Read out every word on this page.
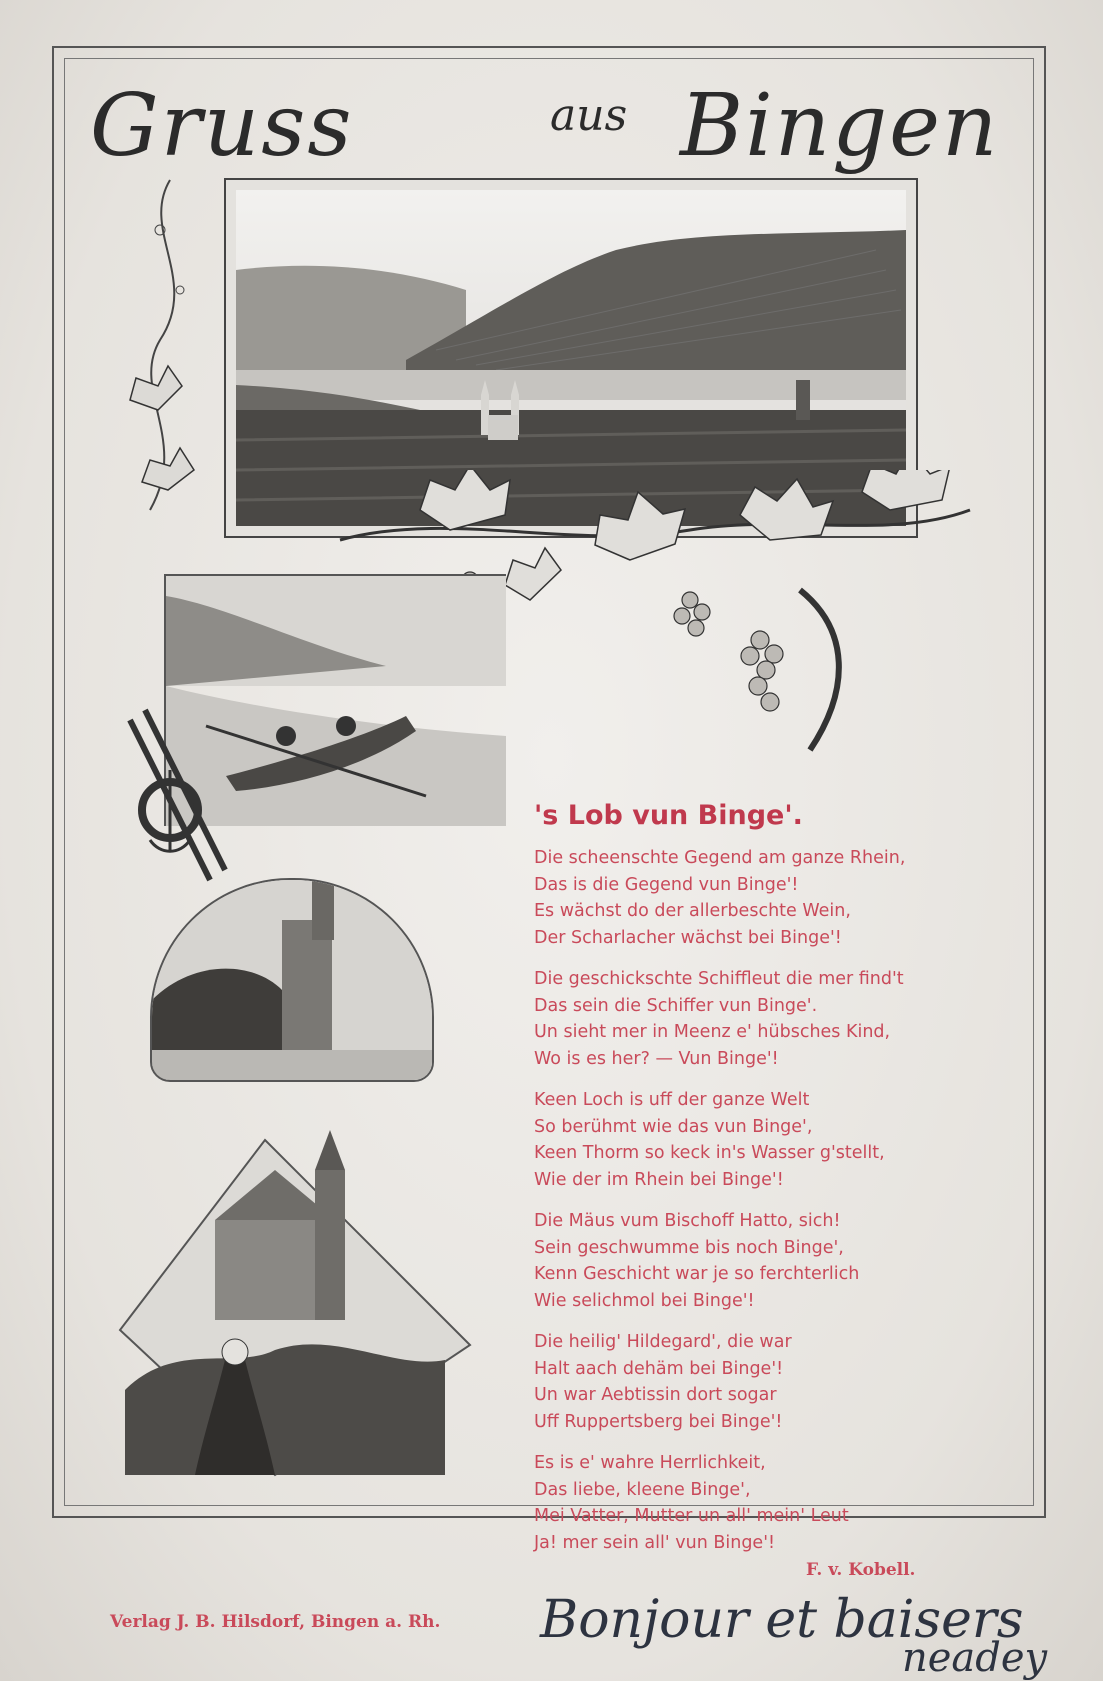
Gruss	aus Bingen
's Lob vun Binge'.
Die scheenschte Gegend am ganze Rhein,
Das is die Gegend vun Binge'!
Es wächst do der allerbeschte Wein,
Der Scharlacher wächst bei Binge'!
Die geschickschte Schiffleut die mer find't
Das sein die Schiffer vun Binge'.
Un sieht mer in Meenz e' hübsches Kind,
Wo is es her? — Vun Binge'!
Keen Loch is uff der ganze Welt
So berühmt wie das vun Binge',
Keen Thorm so keck in's Wasser g'stellt,
Wie der im Rhein bei Binge'!
Die Mäus vum Bischoff Hatto, sich!
Sein geschwumme bis noch Binge',
Kenn Geschicht war je so ferchterlich
Wie selichmol bei Binge'!
Die heilig' Hildegard', die war
Halt aach dehäm bei Binge'!
Un war Aebtissin dort sogar
Uff Ruppertsberg bei Binge'!
Es is e' wahre Herrlichkeit,
Das liebe, kleene Binge',
Mei Vatter, Mutter un all' mein' Leut
Ja! mer sein all' vun Binge'!
F. v. Kobell.
Verlag J. B. Hilsdorf, Bingen a. Rh. Bonjour et baisers
neadey
